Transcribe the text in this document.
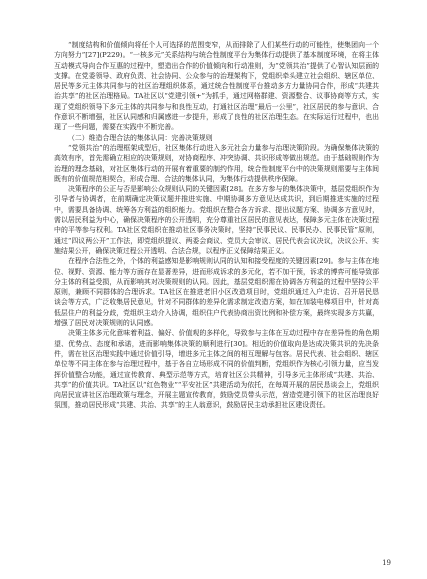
“制度结构和价值倾向将任个人可选择的范围变窄，从而排除了人们某些行动的可能性，使集团向一个方向努力”[27](P229)。“一核多元”关系结构与统合性制度平台为集体行动提供了基本制度环境，在将主体互动模式导向合作互惠的过程中，塑造出合作的价值倾向和行动准则，为“党领共治”提供了心智认知层面的支撑。在党委领导、政府负责、社会协同、公众参与的治理架构下，党组织牵头建立社会组织、辖区单位、居民等多元主体共同参与的社区治理组织体系，通过统合性制度平台推动多方力量协同合作，形成“共建共治共享”的社区治理格局。TA社区以“党建引领+”为抓手，通过网格群建、资源整合、议事协商等方式，实现了党组织领导下多元主体的共同参与和良性互动，打通社区治理“最后一公里”，社区居民的参与意识、合作意识不断增强，社区认同感和归属感进一步提升，形成了良性的社区治理生态。在实际运行过程中，也出现了一些问题，需要在实践中不断完善。

（二）维造合理合法的集体认同：完善决策规则

“党领共治”的治理框架成型后，社区集体行动进入多元社会力量参与治理决策阶段。为确保集体决策的高效有序，首先需确立相应的决策规则，对协商程序、冲突协调、共识形成等做出规范。由于基础规则作为治理的理念基础，对社区集体行动的开展有着重要的制约作用，统合性制度平台中的决策规则需要与主体间既有的价值规范相契合，形成合理、合法的集体认同，为集体行动提供秩序保障。

决策程序的公正与否是影响公众规则认同的关键因素[28]。在多方参与的集体决策中，基层党组织作为引导者与协调者，在前期确定决策议题并推进实施、中期协调多方意见达成共识，到后期推进实施的过程中，需要具备协调、统筹各方利益的组织能力。党组织在整合各方诉求、提出议题方案、协调多方意见时，需以居民利益为中心，确保决策程序的公开透明，充分尊重社区居民的意见表达，保障多元主体在决策过程中的平等参与权利。TA社区党组织在推动社区事务决策时，坚持“民事民议、民事民办、民事民管”原则，通过“四议两公开”工作法，即党组织提议、两委会商议、党员大会审议、居民代表会议决议，决议公开、实施结果公开，确保决策过程公开透明、合法合规，以程序正义保障结果正义。

在程序合法性之外，个体的利益感知是影响规则认同的认知和接受程度的关键因素[29]。参与主体在地位、视野、资源、能力等方面存在显著差异，进而形成诉求的多元化，若不加干预，诉求的博弈可能导致部分主体的利益受损，从而影响其对决策规则的认同。因此，基层党组织需在协调各方利益的过程中坚持公平原则，兼顾不同群体的合理诉求。TA社区在推进老旧小区改造项目时，党组织通过入户走访、召开居民恳谈会等方式，广泛收集居民意见，针对不同群体的差异化需求制定改造方案，如在加装电梯项目中，针对高低层住户的利益分歧，党组织主动介入协调，组织住户代表协商出资比例和补偿方案，最终实现多方共赢，增强了居民对决策规则的认同感。

决策主体多元化意味着利益、偏好、价值观的多样化，导致参与主体在互动过程中存在差异性的角色期望、优势点、态度和承诺，进而影响集体决策的顺利进行[30]。相近的价值取向是达成决策共识的先决条件，需在社区治理实践中通过价值引导，增进多元主体之间的相互理解与包容。居民代表、社会组织、辖区单位等不同主体在参与治理过程中，基于各自立场形成不同的价值判断，党组织作为核心引领力量，应当发挥价值整合功能，通过宣传教育、典型示范等方式，培育社区公共精神，引导多元主体形成“共建、共治、共享”的价值共识。TA社区以“红色物业”“平安社区”共建活动为依托，在每周开展的居民恳谈会上，党组织向居民宣讲社区治理政策与理念，开展主题宣传教育，鼓励党员带头示范，营造党建引领下的社区治理良好氛围，推动居民形成“共建、共治、共享”的主人翁意识，鼓励居民主动承担社区建设责任。

19
